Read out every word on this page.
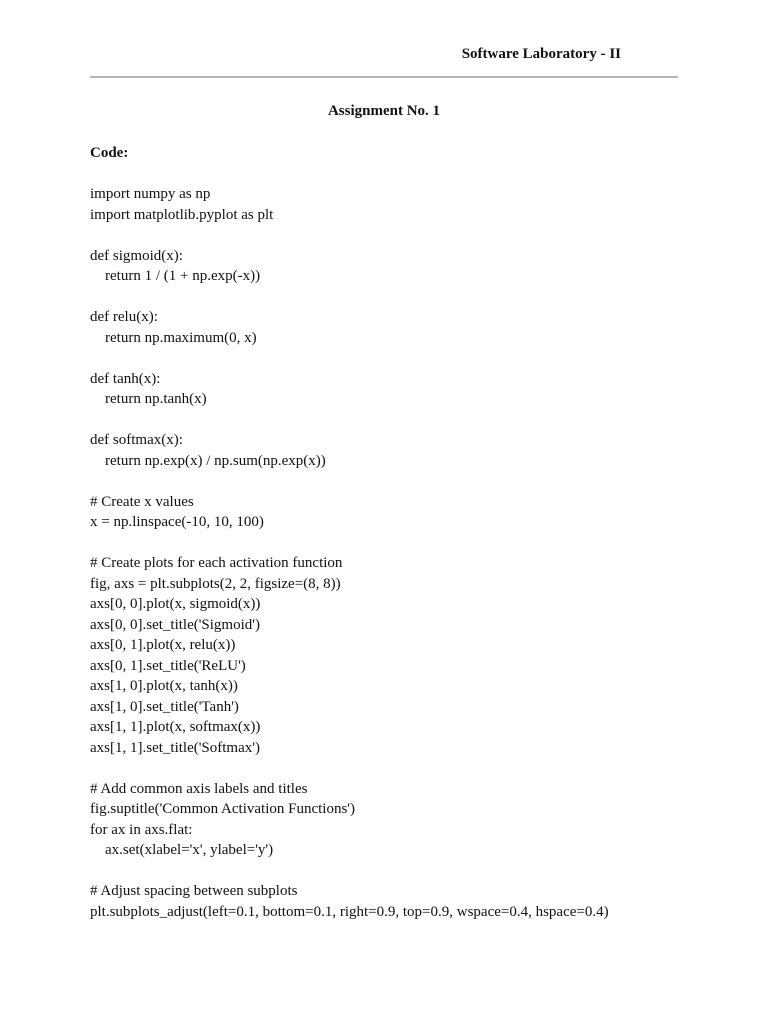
Software Laboratory - II
Assignment No. 1
Code:
import numpy as np
import matplotlib.pyplot as plt
def sigmoid(x):
return 1 / (1 + np.exp(-x))
def relu(x):
return np.maximum(0, x)
def tanh(x):
return np.tanh(x)
def softmax(x):
return np.exp(x) / np.sum(np.exp(x))
# Create x values
x = np.linspace(-10, 10, 100)
# Create plots for each activation function
fig, axs = plt.subplots(2, 2, figsize=(8, 8))
axs[0, 0].plot(x, sigmoid(x))
axs[0, 0].set_title('Sigmoid')
axs[0, 1].plot(x, relu(x))
axs[0, 1].set_title('ReLU')
axs[1, 0].plot(x, tanh(x))
axs[1, 0].set_title('Tanh')
axs[1, 1].plot(x, softmax(x))
axs[1, 1].set_title('Softmax')
# Add common axis labels and titles
fig.suptitle('Common Activation Functions')
for ax in axs.flat:
ax.set(xlabel='x', ylabel='y')
# Adjust spacing between subplots
plt.subplots_adjust(left=0.1, bottom=0.1, right=0.9, top=0.9, wspace=0.4, hspace=0.4)
